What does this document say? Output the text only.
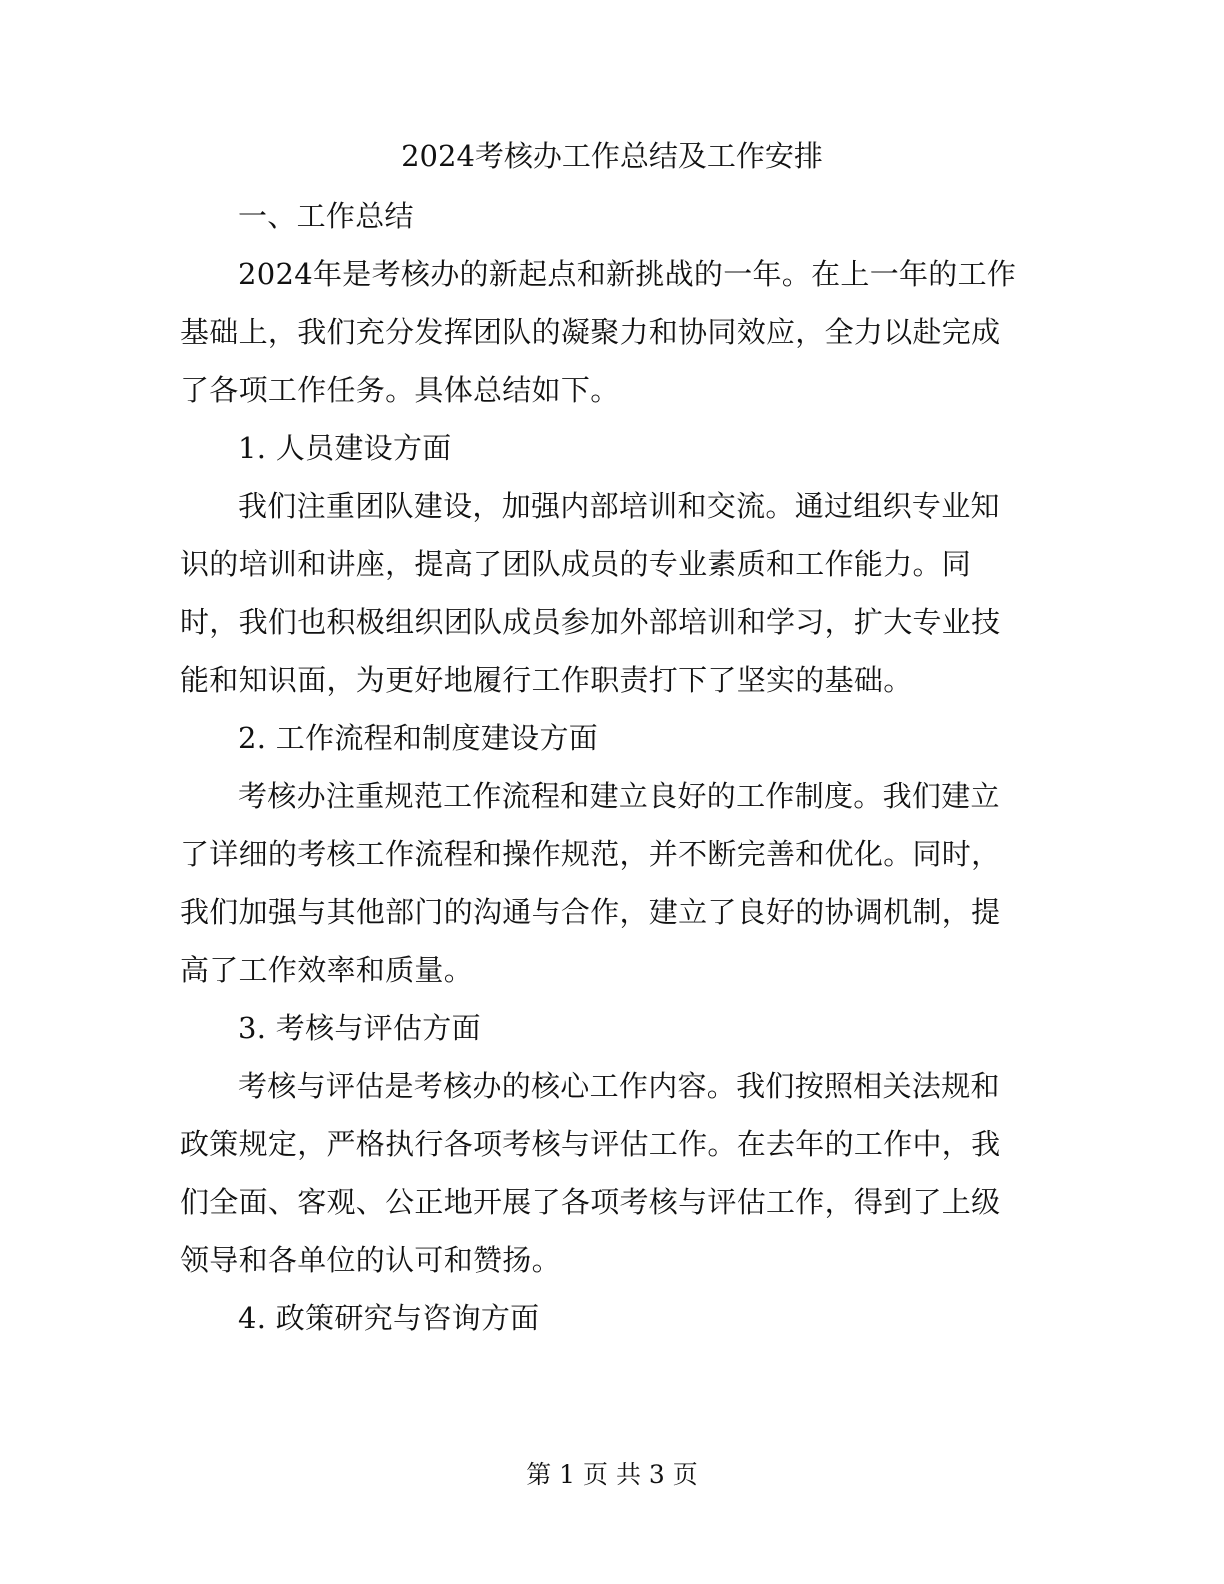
2024考核办工作总结及工作安排

一、工作总结

2024年是考核办的新起点和新挑战的一年。在上一年的工作

基础上，我们充分发挥团队的凝聚力和协同效应，全力以赴完成

了各项工作任务。具体总结如下。

1. 人员建设方面

我们注重团队建设，加强内部培训和交流。通过组织专业知

识的培训和讲座，提高了团队成员的专业素质和工作能力。同

时，我们也积极组织团队成员参加外部培训和学习，扩大专业技

能和知识面，为更好地履行工作职责打下了坚实的基础。

2. 工作流程和制度建设方面

考核办注重规范工作流程和建立良好的工作制度。我们建立

了详细的考核工作流程和操作规范，并不断完善和优化。同时，

我们加强与其他部门的沟通与合作，建立了良好的协调机制，提

高了工作效率和质量。

3. 考核与评估方面

考核与评估是考核办的核心工作内容。我们按照相关法规和

政策规定，严格执行各项考核与评估工作。在去年的工作中，我

们全面、客观、公正地开展了各项考核与评估工作，得到了上级

领导和各单位的认可和赞扬。

4. 政策研究与咨询方面

第 1 页 共 3 页
